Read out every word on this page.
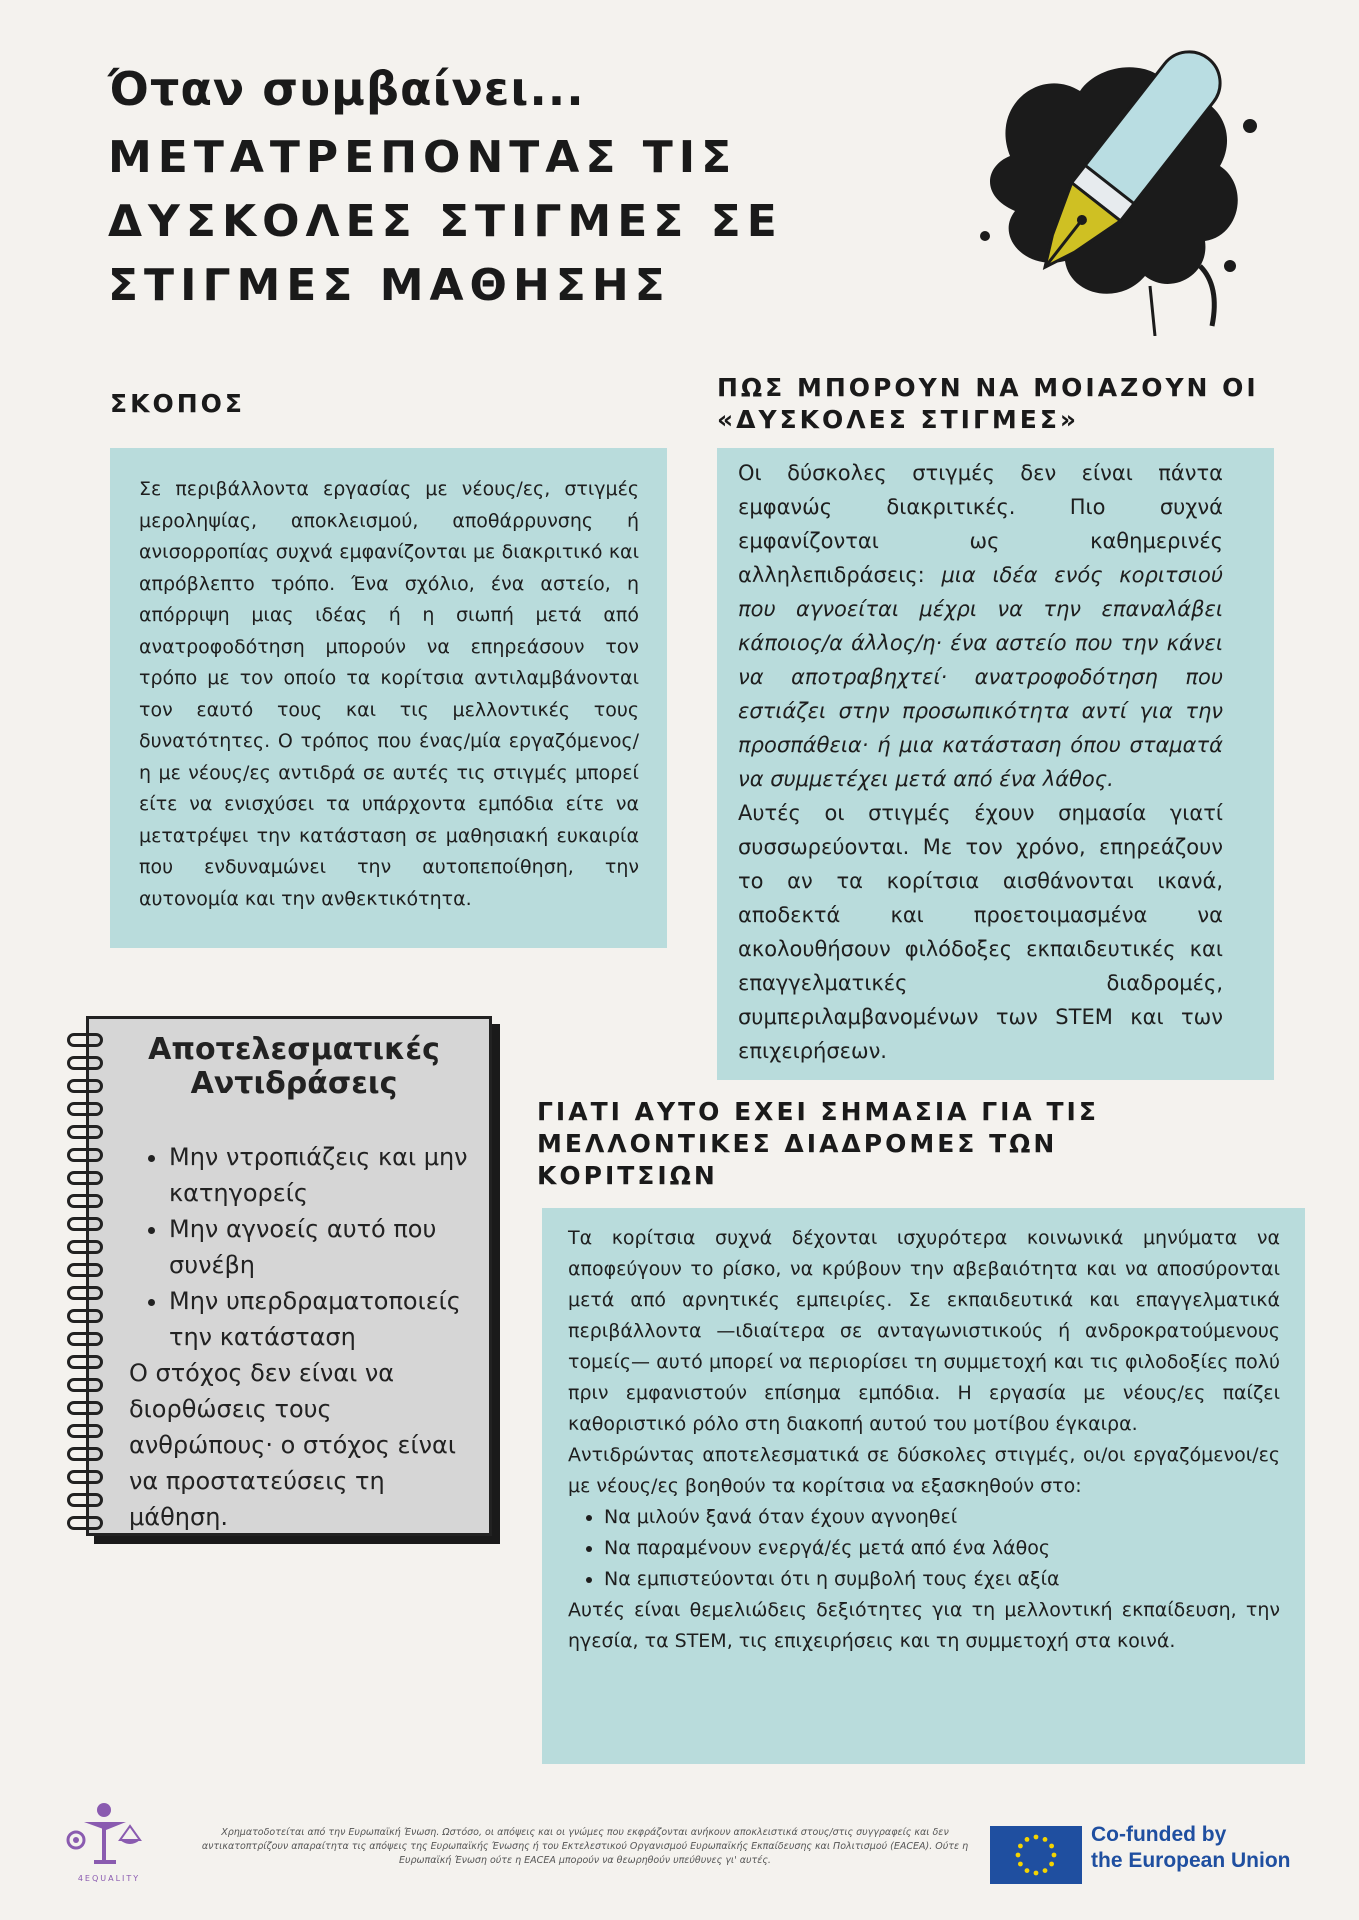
Όταν συμβαίνει...
ΜΕΤΑΤΡΕΠΟΝΤΑΣ ΤΙΣ ΔΥΣΚΟΛΕΣ ΣΤΙΓΜΕΣ ΣΕ ΣΤΙΓΜΕΣ ΜΑΘΗΣΗΣ
ΣΚΟΠΟΣ

Σε περιβάλλοντα εργασίας με νέους/ες, στιγμές μεροληψίας, αποκλεισμού, αποθάρρυνσης ή ανισορροπίας συχνά εμφανίζονται με διακριτικό και απρόβλεπτο τρόπο. Ένα σχόλιο, ένα αστείο, η απόρριψη μιας ιδέας ή η σιωπή μετά από ανατροφοδότηση μπορούν να επηρεάσουν τον τρόπο με τον οποίο τα κορίτσια αντιλαμβάνονται τον εαυτό τους και τις μελλοντικές τους δυνατότητες. Ο τρόπος που ένας/μία εργαζόμενος/η με νέους/ες αντιδρά σε αυτές τις στιγμές μπορεί είτε να ενισχύσει τα υπάρχοντα εμπόδια είτε να μετατρέψει την κατάσταση σε μαθησιακή ευκαιρία που ενδυναμώνει την αυτοπεποίθηση, την αυτονομία και την ανθεκτικότητα.

ΠΩΣ ΜΠΟΡΟΥΝ ΝΑ ΜΟΙΑΖΟΥΝ ΟΙ «ΔΥΣΚΟΛΕΣ ΣΤΙΓΜΕΣ»

Οι δύσκολες στιγμές δεν είναι πάντα εμφανώς διακριτικές. Πιο συχνά εμφανίζονται ως καθημερινές αλληλεπιδράσεις: μια ιδέα ενός κοριτσιού που αγνοείται μέχρι να την επαναλάβει κάποιος/α άλλος/η· ένα αστείο που την κάνει να αποτραβηχτεί· ανατροφοδότηση που εστιάζει στην προσωπικότητα αντί για την προσπάθεια· ή μια κατάσταση όπου σταματά να συμμετέχει μετά από ένα λάθος.

Αυτές οι στιγμές έχουν σημασία γιατί συσσωρεύονται. Με τον χρόνο, επηρεάζουν το αν τα κορίτσια αισθάνονται ικανά, αποδεκτά και προετοιμασμένα να ακολουθήσουν φιλόδοξες εκπαιδευτικές και επαγγελματικές διαδρομές, συμπεριλαμβανομένων των STEM και των επιχειρήσεων.

Αποτελεσματικές Αντιδράσεις
• Μην ντροπιάζεις και μην κατηγορείς
• Μην αγνοείς αυτό που συνέβη
• Μην υπερδραματοποιείς την κατάσταση

Ο στόχος δεν είναι να διορθώσεις τους ανθρώπους· ο στόχος είναι να προστατεύσεις τη μάθηση.

ΓΙΑΤΙ ΑΥΤΟ ΕΧΕΙ ΣΗΜΑΣΙΑ ΓΙΑ ΤΙΣ ΜΕΛΛΟΝΤΙΚΕΣ ΔΙΑΔΡΟΜΕΣ ΤΩΝ ΚΟΡΙΤΣΙΩΝ

Τα κορίτσια συχνά δέχονται ισχυρότερα κοινωνικά μηνύματα να αποφεύγουν το ρίσκο, να κρύβουν την αβεβαιότητα και να αποσύρονται μετά από αρνητικές εμπειρίες. Σε εκπαιδευτικά και επαγγελματικά περιβάλλοντα —ιδιαίτερα σε ανταγωνιστικούς ή ανδροκρατούμενους τομείς— αυτό μπορεί να περιορίσει τη συμμετοχή και τις φιλοδοξίες πολύ πριν εμφανιστούν επίσημα εμπόδια. Η εργασία με νέους/ες παίζει καθοριστικό ρόλο στη διακοπή αυτού του μοτίβου έγκαιρα.

Αντιδρώντας αποτελεσματικά σε δύσκολες στιγμές, οι/οι εργαζόμενοι/ες με νέους/ες βοηθούν τα κορίτσια να εξασκηθούν στο:

• Να μιλούν ξανά όταν έχουν αγνοηθεί
• Να παραμένουν ενεργά/ές μετά από ένα λάθος
• Να εμπιστεύονται ότι η συμβολή τους έχει αξία

Αυτές είναι θεμελιώδεις δεξιότητες για τη μελλοντική εκπαίδευση, την ηγεσία, τα STEM, τις επιχειρήσεις και τη συμμετοχή στα κοινά.

4EQUALITY
Χρηματοδοτείται από την Ευρωπαϊκή Ένωση. Ωστόσο, οι απόψεις και οι γνώμες που εκφράζονται ανήκουν αποκλειστικά στους/στις συγγραφείς και δεν αντικατοπτρίζουν απαραίτητα τις απόψεις της Ευρωπαϊκής Ένωσης ή του Εκτελεστικού Οργανισμού Ευρωπαϊκής Εκπαίδευσης και Πολιτισμού (EACEA). Ούτε η Ευρωπαϊκή Ένωση ούτε η EACEA μπορούν να θεωρηθούν υπεύθυνες γι' αυτές.
Co-funded by
the European Union
